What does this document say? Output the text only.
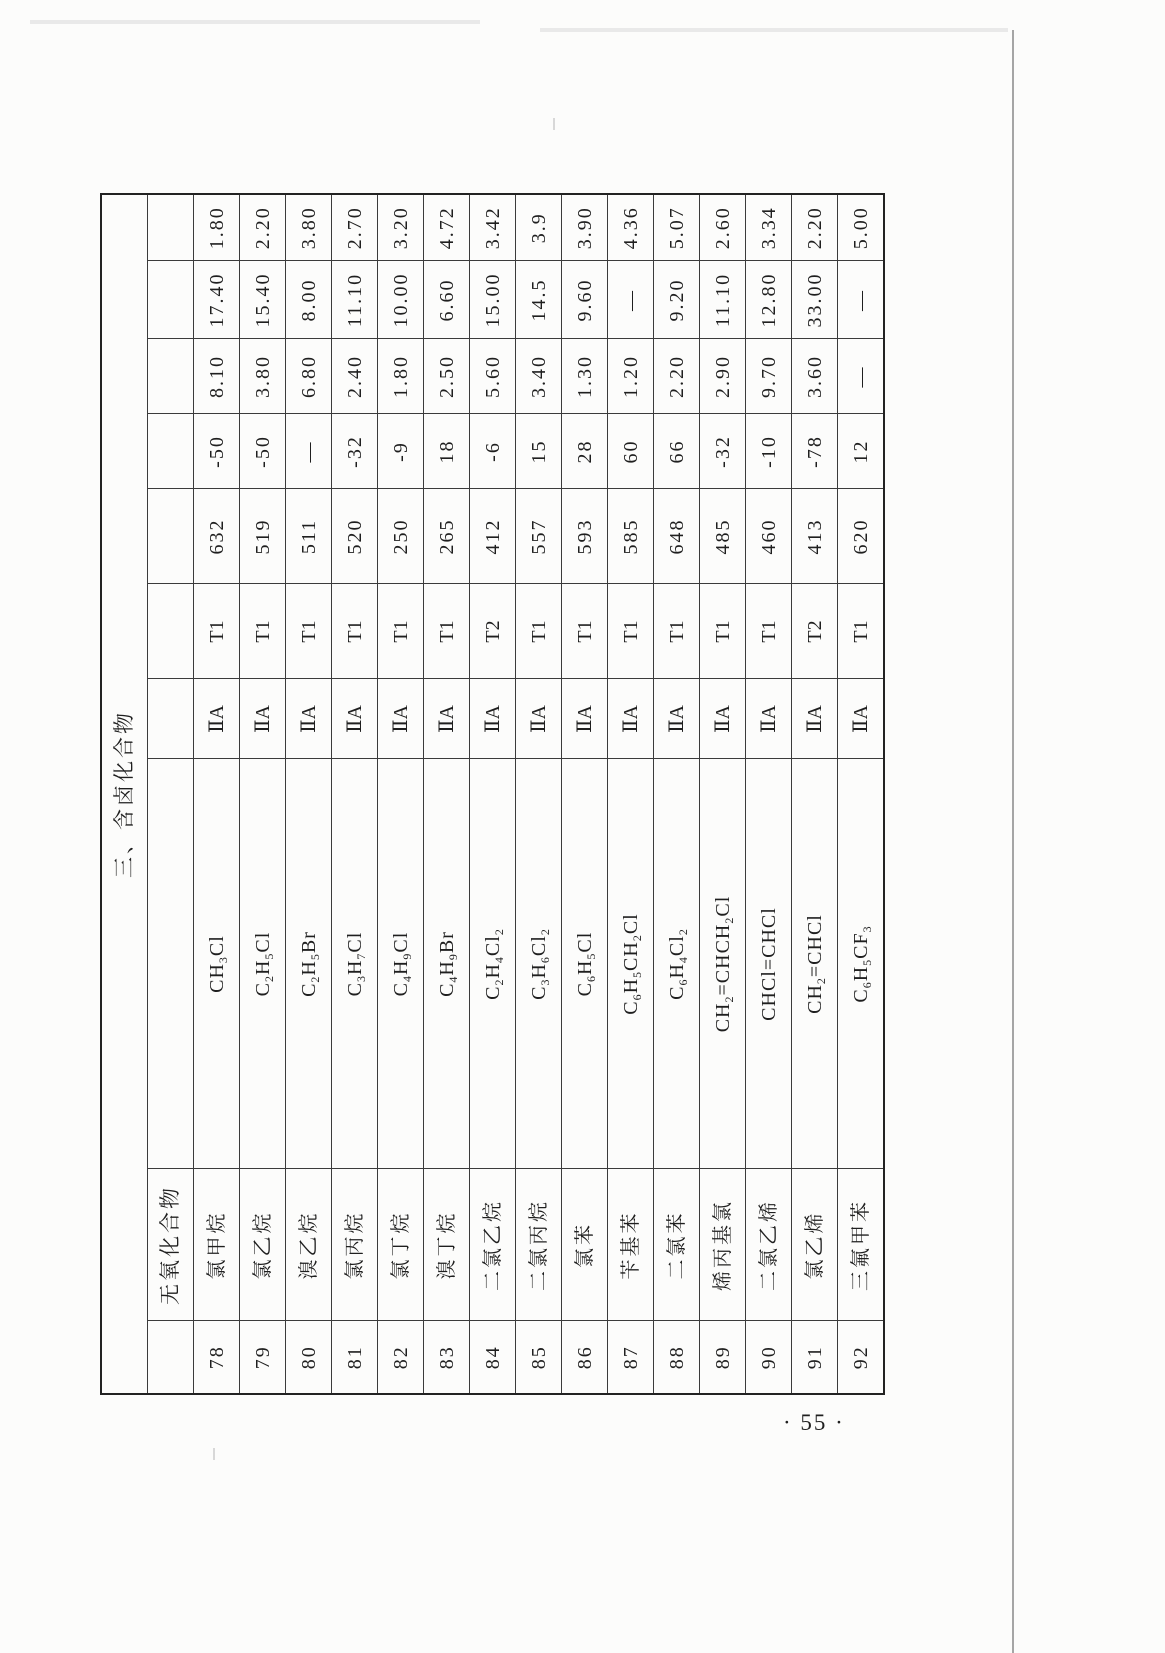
三、含卤化合物									
	无氧化合物								
78	氯甲烷	$CH_3Cl$	ⅡA	T1	632	-50	8.10	17.40	1.80
79	氯乙烷	$C_2H_5Cl$	ⅡA	T1	519	-50	3.80	15.40	2.20
80	溴乙烷	$C_2H_5Br$	ⅡA	T1	511	—	6.80	8.00	3.80
81	氯丙烷	$C_3H_7Cl$	ⅡA	T1	520	-32	2.40	11.10	2.70
82	氯丁烷	$C_4H_9Cl$	ⅡA	T1	250	-9	1.80	10.00	3.20
83	溴丁烷	$C_4H_9Br$	ⅡA	T1	265	18	2.50	6.60	4.72
84	二氯乙烷	$C_2H_4Cl_2$	ⅡA	T2	412	-6	5.60	15.00	3.42
85	二氯丙烷	$C_3H_6Cl_2$	ⅡA	T1	557	15	3.40	14.5	3.9
86	氯苯	$C_6H_5Cl$	ⅡA	T1	593	28	1.30	9.60	3.90
87	苄基苯	$C_6H_5CH_2Cl$	ⅡA	T1	585	60	1.20	—	4.36
88	二氯苯	$C_6H_4Cl_2$	ⅡA	T1	648	66	2.20	9.20	5.07
89	烯丙基氯	$CH_2=CHCH_2Cl$	ⅡA	T1	485	-32	2.90	11.10	2.60
90	二氯乙烯	CHCl=CHCl	ⅡA	T1	460	-10	9.70	12.80	3.34
91	氯乙烯	$CH_2=CHCl$	ⅡA	T2	413	-78	3.60	33.00	2.20
92	三氟甲苯	$C_6H_5CF_3$	ⅡA	T1	620	12	—	—	5.00
· 55 ·
